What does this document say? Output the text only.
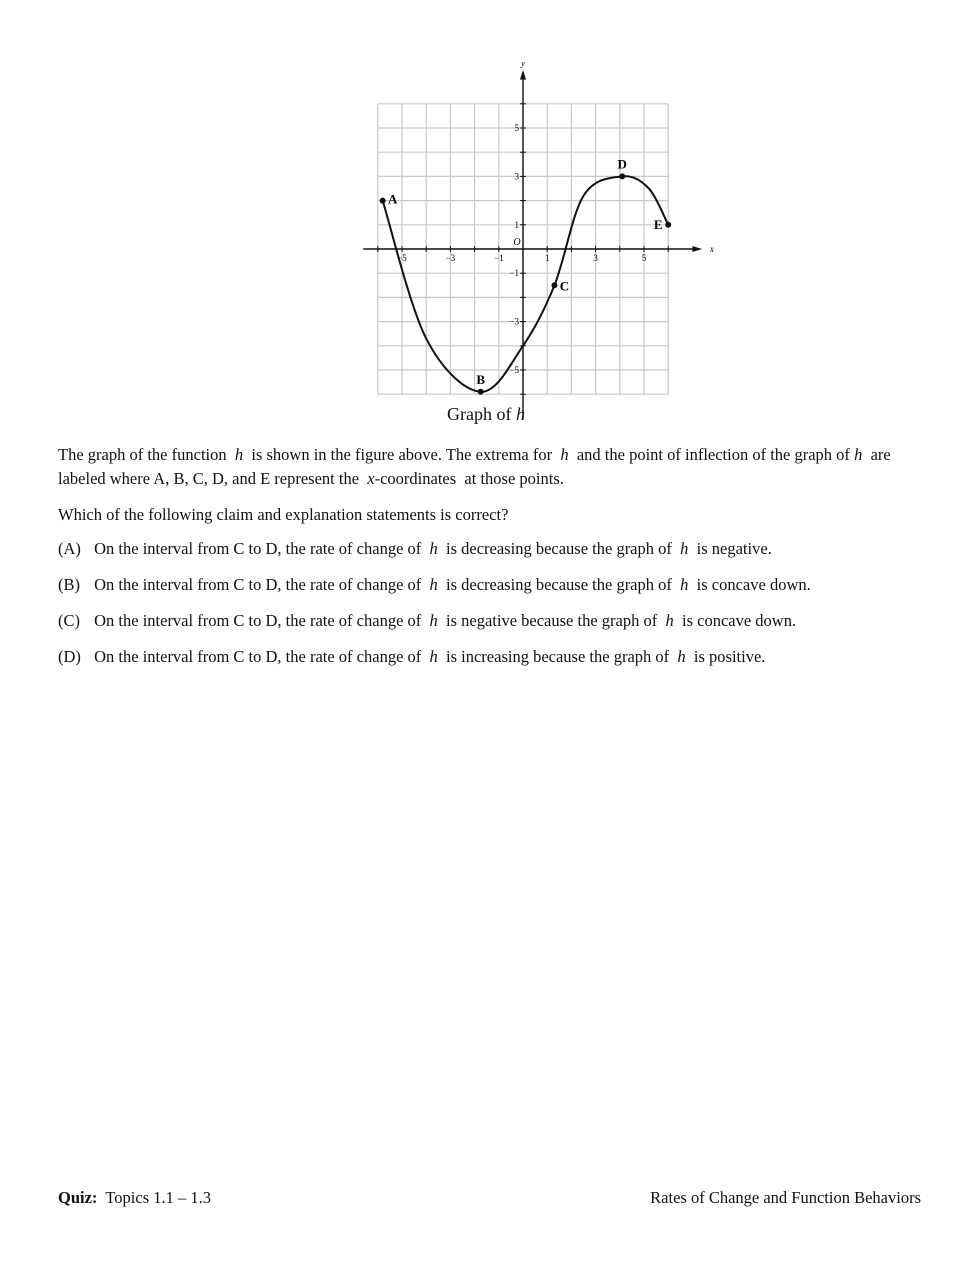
−5	−3	−1	1	3	5
5
3
1
−1
−3
−5
x
y
O
A
B
C
D
E
Graph of h
The graph of the function h is shown in the figure above. The extrema for h and the point of inflection of the graph of h are labeled where A, B, C, D, and E represent the x-coordinates at those points.
Which of the following claim and explanation statements is correct?
(A) On the interval from C to D, the rate of change of h is decreasing because the graph of h is negative.
(B) On the interval from C to D, the rate of change of h is decreasing because the graph of h is concave down.
(C) On the interval from C to D, the rate of change of h is negative because the graph of h is concave down.
(D) On the interval from C to D, the rate of change of h is increasing because the graph of h is positive.
Quiz: Topics 1.1 – 1.3	Rates of Change and Function Behaviors
